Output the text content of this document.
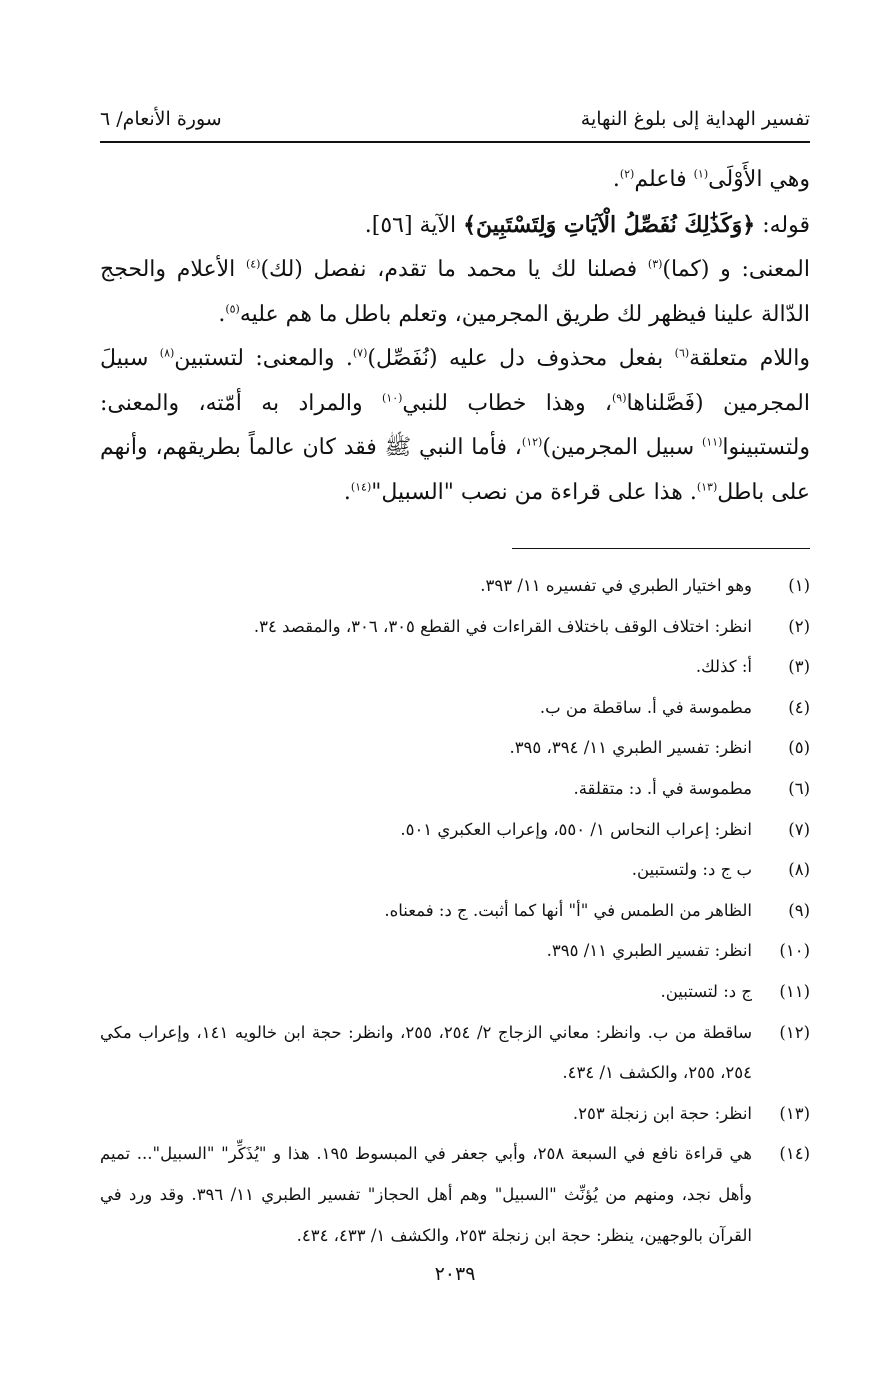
تفسير الهداية إلى بلوغ النهاية
سورة الأنعام/ ٦

وهي الأَوْلَى$^{(١)}$ فاعلم$^{(٢)}$.

قوله: ﴿وَكَذَٰلِكَ نُفَصِّلُ الْآيَاتِ وَلِتَسْتَبِينَ﴾ الآية [٥٦].

المعنى: و (كما)$^{(٣)}$ فصلنا لك يا محمد ما تقدم، نفصل (لك)$^{(٤)}$ الأعلام والحجج الدّالة علينا فيظهر لك طريق المجرمين، وتعلم باطل ما هم عليه$^{(٥)}$.

واللام متعلقة$^{(٦)}$ بفعل محذوف دل عليه (نُفَصِّل)$^{(٧)}$. والمعنى: لتستبين$^{(٨)}$ سبيلَ المجرمين (فَصَّلناها$^{(٩)}$، وهذا خطاب للنبي$^{(١٠)}$ والمراد به أمّته، والمعنى: ولتستبينوا$^{(١١)}$ سبيل المجرمين)$^{(١٢)}$، فأما النبي ﷺ فقد كان عالماً بطريقهم، وأنهم على باطل$^{(١٣)}$. هذا على قراءة من نصب "السبيل"$^{(١٤)}$.

(١)
وهو اختيار الطبري في تفسيره ١١/ ٣٩٣.
(٢)
انظر: اختلاف الوقف باختلاف القراءات في القطع ٣٠٥، ٣٠٦، والمقصد ٣٤.
(٣)
أ: كذلك.
(٤)
مطموسة في أ. ساقطة من ب.
(٥)
انظر: تفسير الطبري ١١/ ٣٩٤، ٣٩٥.
(٦)
مطموسة في أ. د: متقلقة.
(٧)
انظر: إعراب النحاس ١/ ٥٥٠، وإعراب العكبري ٥٠١.
(٨)
ب ج د: ولتستبين.
(٩)
الظاهر من الطمس في "أ" أنها كما أثبت. ج د: فمعناه.
(١٠)
انظر: تفسير الطبري ١١/ ٣٩٥.
(١١)
ج د: لتستبين.
(١٢)
ساقطة من ب. وانظر: معاني الزجاج ٢/ ٢٥٤، ٢٥٥، وانظر: حجة ابن خالويه ١٤١، وإعراب مكي ٢٥٤، ٢٥٥، والكشف ١/ ٤٣٤.
(١٣)
انظر: حجة ابن زنجلة ٢٥٣.
(١٤)
هي قراءة نافع في السبعة ٢٥٨، وأبي جعفر في المبسوط ١٩٥. هذا و "يُذَكِّر" "السبيل"... تميم وأهل نجد، ومنهم من يُؤنِّث "السبيل" وهم أهل الحجاز" تفسير الطبري ١١/ ٣٩٦. وقد ورد في القرآن بالوجهين، ينظر: حجة ابن زنجلة ٢٥٣، والكشف ١/ ٤٣٣، ٤٣٤.
٢٠٣٩
